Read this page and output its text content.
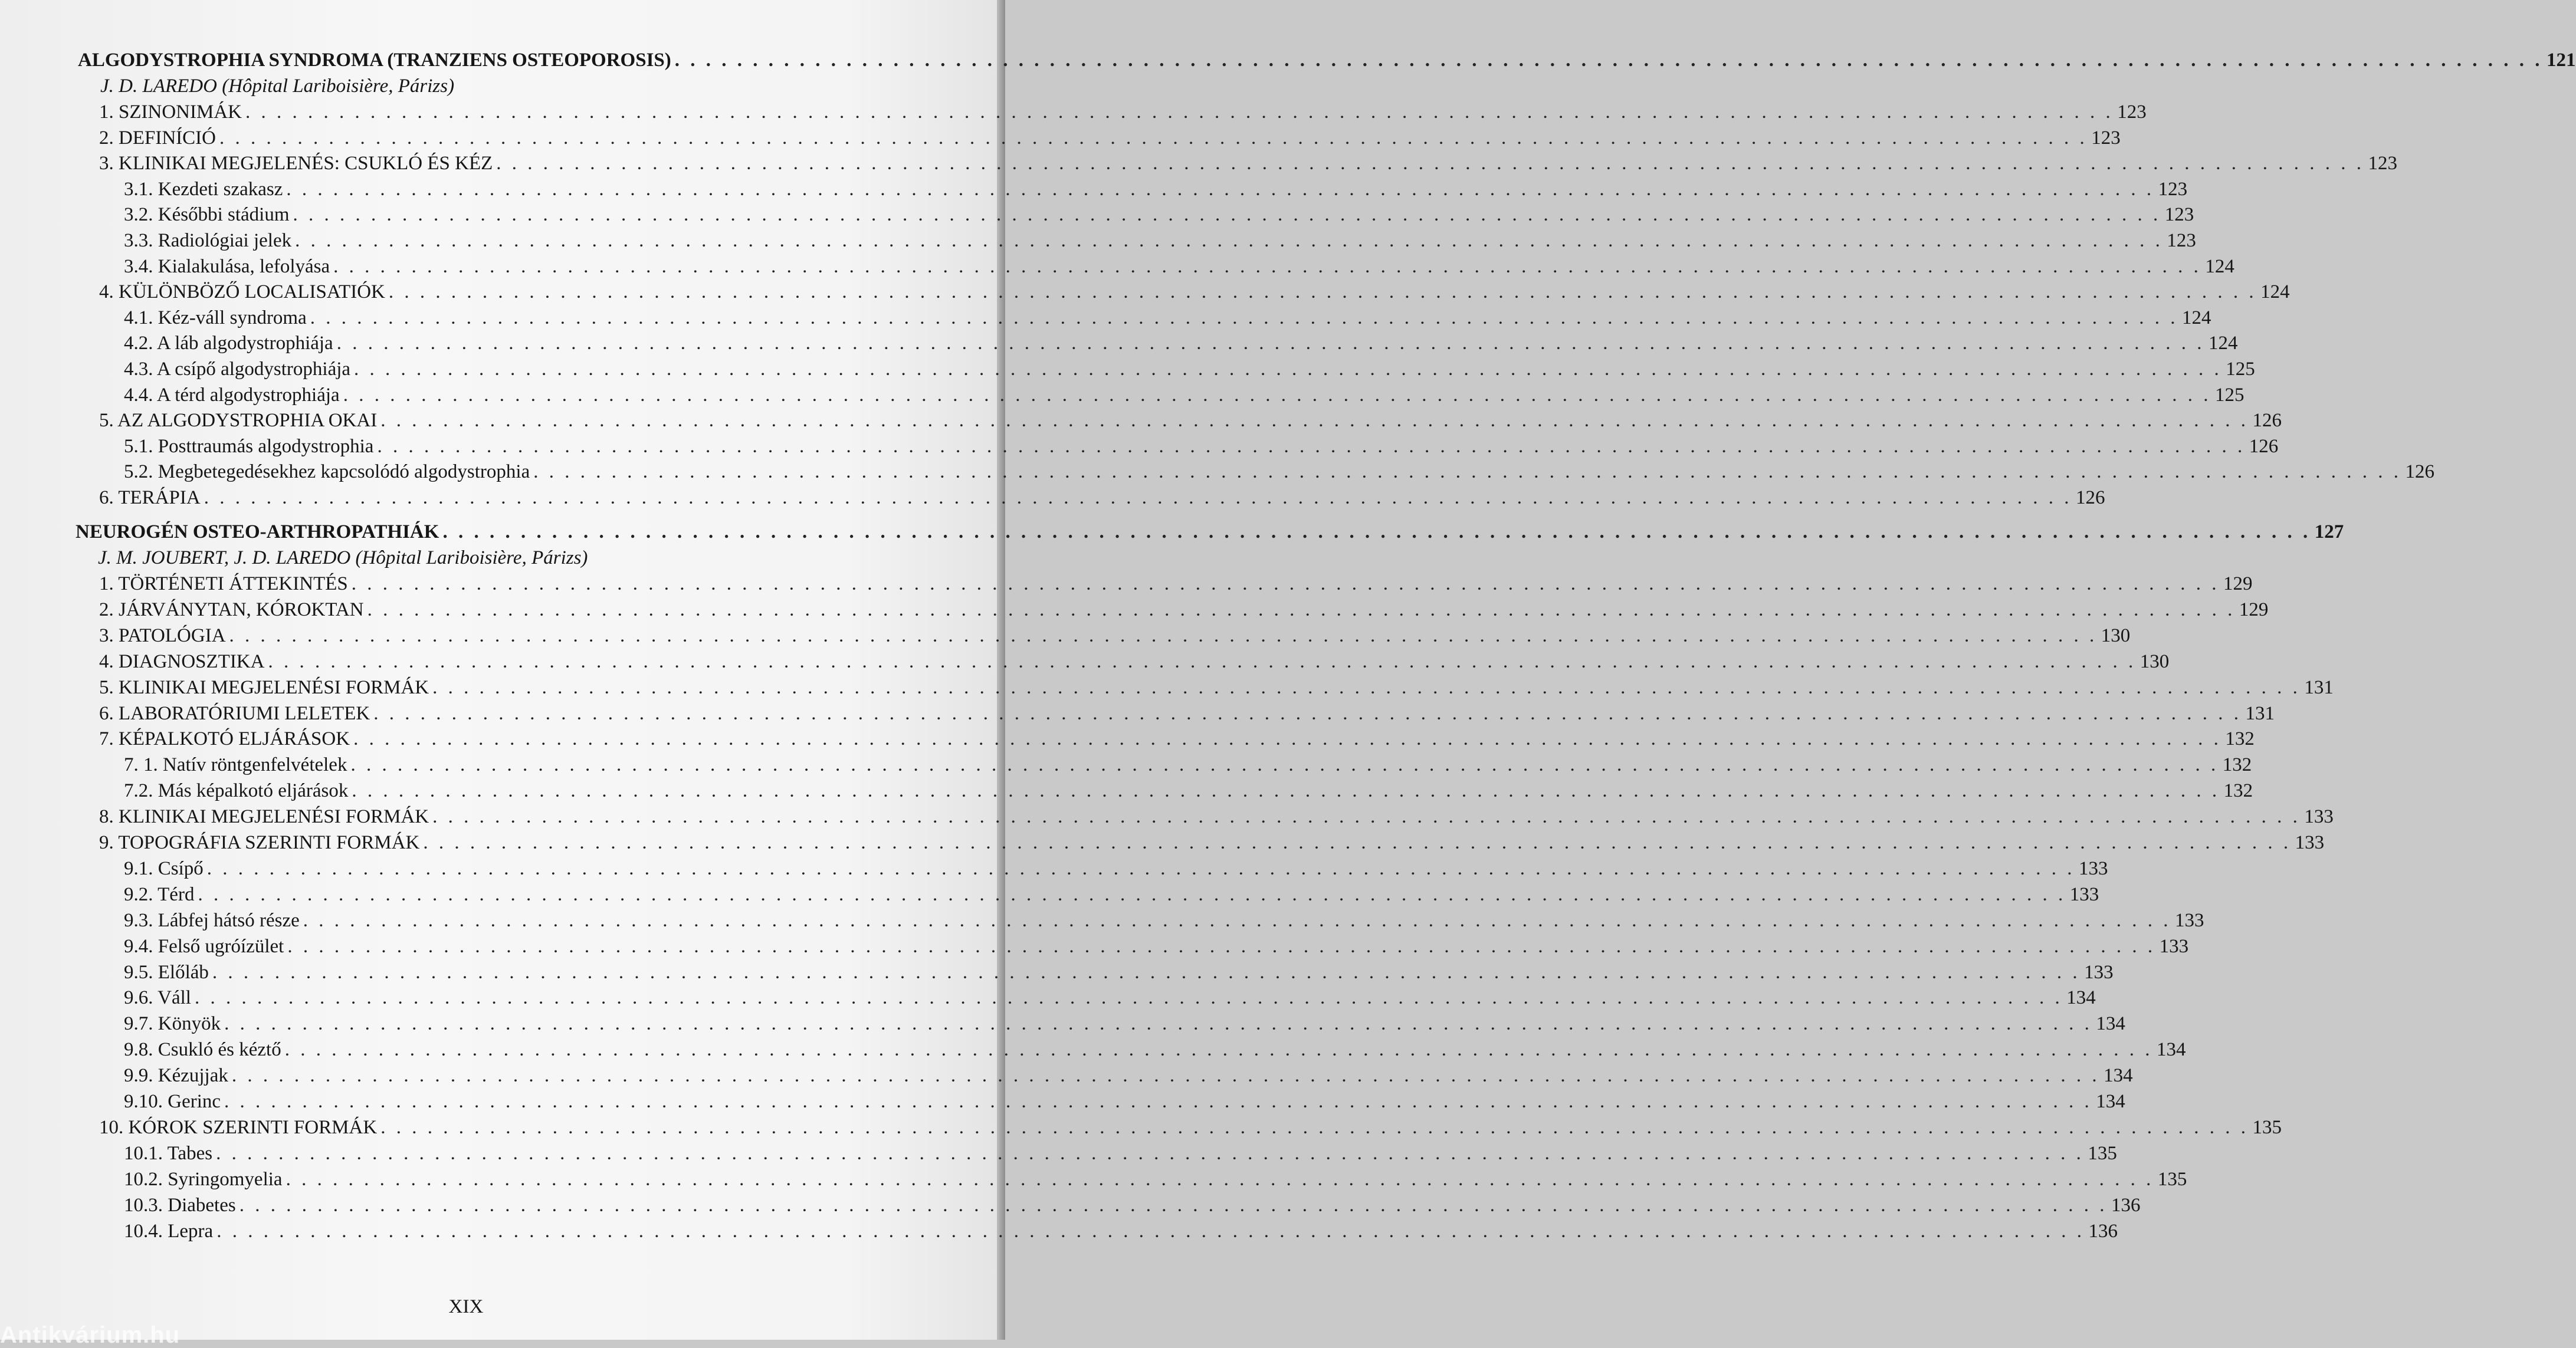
ALGODYSTROPHIA SYNDROMA (TRANZIENS OSTEOPOROSIS) . . . . . . . . . . . . . . . . . . . . . . . . . . . . . . . . . . . . . . . . . . . . . . . . . . . . . . . . . . . . . . . . . . . . . . . . . . . . . . . . . . . . . . . . . . . . . . . . . . . . . . . . . . . . . . . . . . . . . . . . 121
J. D. LAREDO (Hôpital Lariboisière, Párizs)
NEUROGÉN OSTEO-ARTHROPATHIÁK . . . . . . . . . . . . . . . . . . . . . . . . . . . . . . . . . . . . . . . . . . . . . . . . . . . . . . . . . . . . . . . . . . . . . . . . . . . . . . . . . . . . . . . . . . . . . . . . . . . . . . . . . . . . . . . . . . . . . . . . 127
J. M. JOUBERT, J. D. LAREDO (Hôpital Lariboisière, Párizs)
XIX
Antikvárium.hu
1. SZINONIMÁK . . . . . . . . . . . . . . . . . . . . . . . . . . . . . . . . . . . . . . . . . . . . . . . . . . . . . . . . . . . . . . . . . . . . . . . . . . . . . . . . . . . . . . . . . . . . . . . . . . . . . . . . . . . . . . . . . . . . . . . . 123
2. DEFINÍCIÓ . . . . . . . . . . . . . . . . . . . . . . . . . . . . . . . . . . . . . . . . . . . . . . . . . . . . . . . . . . . . . . . . . . . . . . . . . . . . . . . . . . . . . . . . . . . . . . . . . . . . . . . . . . . . . . . . . . . . . . . . 123
3. KLINIKAI MEGJELENÉS: CSUKLÓ ÉS KÉZ . . . . . . . . . . . . . . . . . . . . . . . . . . . . . . . . . . . . . . . . . . . . . . . . . . . . . . . . . . . . . . . . . . . . . . . . . . . . . . . . . . . . . . . . . . . . . . . . . . . . . . . . . . . . . . . . . . . . . . . . 123
3.1. Kezdeti szakasz . . . . . . . . . . . . . . . . . . . . . . . . . . . . . . . . . . . . . . . . . . . . . . . . . . . . . . . . . . . . . . . . . . . . . . . . . . . . . . . . . . . . . . . . . . . . . . . . . . . . . . . . . . . . . . . . . . . . . . . . 123
3.2. Későbbi stádium . . . . . . . . . . . . . . . . . . . . . . . . . . . . . . . . . . . . . . . . . . . . . . . . . . . . . . . . . . . . . . . . . . . . . . . . . . . . . . . . . . . . . . . . . . . . . . . . . . . . . . . . . . . . . . . . . . . . . . . . 123
3.3. Radiológiai jelek . . . . . . . . . . . . . . . . . . . . . . . . . . . . . . . . . . . . . . . . . . . . . . . . . . . . . . . . . . . . . . . . . . . . . . . . . . . . . . . . . . . . . . . . . . . . . . . . . . . . . . . . . . . . . . . . . . . . . . . . 123
3.4. Kialakulása, lefolyása . . . . . . . . . . . . . . . . . . . . . . . . . . . . . . . . . . . . . . . . . . . . . . . . . . . . . . . . . . . . . . . . . . . . . . . . . . . . . . . . . . . . . . . . . . . . . . . . . . . . . . . . . . . . . . . . . . . . . . . . 124
4. KÜLÖNBÖZŐ LOCALISATIÓK . . . . . . . . . . . . . . . . . . . . . . . . . . . . . . . . . . . . . . . . . . . . . . . . . . . . . . . . . . . . . . . . . . . . . . . . . . . . . . . . . . . . . . . . . . . . . . . . . . . . . . . . . . . . . . . . . . . . . . . . 124
4.1. Kéz-váll syndroma . . . . . . . . . . . . . . . . . . . . . . . . . . . . . . . . . . . . . . . . . . . . . . . . . . . . . . . . . . . . . . . . . . . . . . . . . . . . . . . . . . . . . . . . . . . . . . . . . . . . . . . . . . . . . . . . . . . . . . . . 124
4.2. A láb algodystrophiája . . . . . . . . . . . . . . . . . . . . . . . . . . . . . . . . . . . . . . . . . . . . . . . . . . . . . . . . . . . . . . . . . . . . . . . . . . . . . . . . . . . . . . . . . . . . . . . . . . . . . . . . . . . . . . . . . . . . . . . . 124
4.3. A csípő algodystrophiája . . . . . . . . . . . . . . . . . . . . . . . . . . . . . . . . . . . . . . . . . . . . . . . . . . . . . . . . . . . . . . . . . . . . . . . . . . . . . . . . . . . . . . . . . . . . . . . . . . . . . . . . . . . . . . . . . . . . . . . . 125
4.4. A térd algodystrophiája . . . . . . . . . . . . . . . . . . . . . . . . . . . . . . . . . . . . . . . . . . . . . . . . . . . . . . . . . . . . . . . . . . . . . . . . . . . . . . . . . . . . . . . . . . . . . . . . . . . . . . . . . . . . . . . . . . . . . . . . 125
5. AZ ALGODYSTROPHIA OKAI . . . . . . . . . . . . . . . . . . . . . . . . . . . . . . . . . . . . . . . . . . . . . . . . . . . . . . . . . . . . . . . . . . . . . . . . . . . . . . . . . . . . . . . . . . . . . . . . . . . . . . . . . . . . . . . . . . . . . . . . 126
5.1. Posttraumás algodystrophia . . . . . . . . . . . . . . . . . . . . . . . . . . . . . . . . . . . . . . . . . . . . . . . . . . . . . . . . . . . . . . . . . . . . . . . . . . . . . . . . . . . . . . . . . . . . . . . . . . . . . . . . . . . . . . . . . . . . . . . . 126
5.2. Megbetegedésekhez kapcsolódó algodystrophia . . . . . . . . . . . . . . . . . . . . . . . . . . . . . . . . . . . . . . . . . . . . . . . . . . . . . . . . . . . . . . . . . . . . . . . . . . . . . . . . . . . . . . . . . . . . . . . . . . . . . . . . . . . . . . . . . . . . . . . . 126
6. TERÁPIA . . . . . . . . . . . . . . . . . . . . . . . . . . . . . . . . . . . . . . . . . . . . . . . . . . . . . . . . . . . . . . . . . . . . . . . . . . . . . . . . . . . . . . . . . . . . . . . . . . . . . . . . . . . . . . . . . . . . . . . . 126
1. TÖRTÉNETI ÁTTEKINTÉS . . . . . . . . . . . . . . . . . . . . . . . . . . . . . . . . . . . . . . . . . . . . . . . . . . . . . . . . . . . . . . . . . . . . . . . . . . . . . . . . . . . . . . . . . . . . . . . . . . . . . . . . . . . . . . . . . . . . . . . . 129
2. JÁRVÁNYTAN, KÓROKTAN . . . . . . . . . . . . . . . . . . . . . . . . . . . . . . . . . . . . . . . . . . . . . . . . . . . . . . . . . . . . . . . . . . . . . . . . . . . . . . . . . . . . . . . . . . . . . . . . . . . . . . . . . . . . . . . . . . . . . . . . 129
3. PATOLÓGIA . . . . . . . . . . . . . . . . . . . . . . . . . . . . . . . . . . . . . . . . . . . . . . . . . . . . . . . . . . . . . . . . . . . . . . . . . . . . . . . . . . . . . . . . . . . . . . . . . . . . . . . . . . . . . . . . . . . . . . . . 130
4. DIAGNOSZTIKA . . . . . . . . . . . . . . . . . . . . . . . . . . . . . . . . . . . . . . . . . . . . . . . . . . . . . . . . . . . . . . . . . . . . . . . . . . . . . . . . . . . . . . . . . . . . . . . . . . . . . . . . . . . . . . . . . . . . . . . . 130
5. KLINIKAI MEGJELENÉSI FORMÁK . . . . . . . . . . . . . . . . . . . . . . . . . . . . . . . . . . . . . . . . . . . . . . . . . . . . . . . . . . . . . . . . . . . . . . . . . . . . . . . . . . . . . . . . . . . . . . . . . . . . . . . . . . . . . . . . . . . . . . . . 131
6. LABORATÓRIUMI LELETEK . . . . . . . . . . . . . . . . . . . . . . . . . . . . . . . . . . . . . . . . . . . . . . . . . . . . . . . . . . . . . . . . . . . . . . . . . . . . . . . . . . . . . . . . . . . . . . . . . . . . . . . . . . . . . . . . . . . . . . . . 131
7. KÉPALKOTÓ ELJÁRÁSOK . . . . . . . . . . . . . . . . . . . . . . . . . . . . . . . . . . . . . . . . . . . . . . . . . . . . . . . . . . . . . . . . . . . . . . . . . . . . . . . . . . . . . . . . . . . . . . . . . . . . . . . . . . . . . . . . . . . . . . . . 132
7. 1. Natív röntgenfelvételek . . . . . . . . . . . . . . . . . . . . . . . . . . . . . . . . . . . . . . . . . . . . . . . . . . . . . . . . . . . . . . . . . . . . . . . . . . . . . . . . . . . . . . . . . . . . . . . . . . . . . . . . . . . . . . . . . . . . . . . . 132
7.2. Más képalkotó eljárások . . . . . . . . . . . . . . . . . . . . . . . . . . . . . . . . . . . . . . . . . . . . . . . . . . . . . . . . . . . . . . . . . . . . . . . . . . . . . . . . . . . . . . . . . . . . . . . . . . . . . . . . . . . . . . . . . . . . . . . . 132
8. KLINIKAI MEGJELENÉSI FORMÁK . . . . . . . . . . . . . . . . . . . . . . . . . . . . . . . . . . . . . . . . . . . . . . . . . . . . . . . . . . . . . . . . . . . . . . . . . . . . . . . . . . . . . . . . . . . . . . . . . . . . . . . . . . . . . . . . . . . . . . . . 133
9. TOPOGRÁFIA SZERINTI FORMÁK . . . . . . . . . . . . . . . . . . . . . . . . . . . . . . . . . . . . . . . . . . . . . . . . . . . . . . . . . . . . . . . . . . . . . . . . . . . . . . . . . . . . . . . . . . . . . . . . . . . . . . . . . . . . . . . . . . . . . . . . 133
9.1. Csípő . . . . . . . . . . . . . . . . . . . . . . . . . . . . . . . . . . . . . . . . . . . . . . . . . . . . . . . . . . . . . . . . . . . . . . . . . . . . . . . . . . . . . . . . . . . . . . . . . . . . . . . . . . . . . . . . . . . . . . . . 133
9.2. Térd . . . . . . . . . . . . . . . . . . . . . . . . . . . . . . . . . . . . . . . . . . . . . . . . . . . . . . . . . . . . . . . . . . . . . . . . . . . . . . . . . . . . . . . . . . . . . . . . . . . . . . . . . . . . . . . . . . . . . . . . 133
9.3. Lábfej hátsó része . . . . . . . . . . . . . . . . . . . . . . . . . . . . . . . . . . . . . . . . . . . . . . . . . . . . . . . . . . . . . . . . . . . . . . . . . . . . . . . . . . . . . . . . . . . . . . . . . . . . . . . . . . . . . . . . . . . . . . . . 133
9.4. Felső ugróízület . . . . . . . . . . . . . . . . . . . . . . . . . . . . . . . . . . . . . . . . . . . . . . . . . . . . . . . . . . . . . . . . . . . . . . . . . . . . . . . . . . . . . . . . . . . . . . . . . . . . . . . . . . . . . . . . . . . . . . . . 133
9.5. Előláb . . . . . . . . . . . . . . . . . . . . . . . . . . . . . . . . . . . . . . . . . . . . . . . . . . . . . . . . . . . . . . . . . . . . . . . . . . . . . . . . . . . . . . . . . . . . . . . . . . . . . . . . . . . . . . . . . . . . . . . . 133
9.6. Váll . . . . . . . . . . . . . . . . . . . . . . . . . . . . . . . . . . . . . . . . . . . . . . . . . . . . . . . . . . . . . . . . . . . . . . . . . . . . . . . . . . . . . . . . . . . . . . . . . . . . . . . . . . . . . . . . . . . . . . . . 134
9.7. Könyök . . . . . . . . . . . . . . . . . . . . . . . . . . . . . . . . . . . . . . . . . . . . . . . . . . . . . . . . . . . . . . . . . . . . . . . . . . . . . . . . . . . . . . . . . . . . . . . . . . . . . . . . . . . . . . . . . . . . . . . . 134
9.8. Csukló és kéztő . . . . . . . . . . . . . . . . . . . . . . . . . . . . . . . . . . . . . . . . . . . . . . . . . . . . . . . . . . . . . . . . . . . . . . . . . . . . . . . . . . . . . . . . . . . . . . . . . . . . . . . . . . . . . . . . . . . . . . . . 134
9.9. Kézujjak . . . . . . . . . . . . . . . . . . . . . . . . . . . . . . . . . . . . . . . . . . . . . . . . . . . . . . . . . . . . . . . . . . . . . . . . . . . . . . . . . . . . . . . . . . . . . . . . . . . . . . . . . . . . . . . . . . . . . . . . 134
9.10. Gerinc . . . . . . . . . . . . . . . . . . . . . . . . . . . . . . . . . . . . . . . . . . . . . . . . . . . . . . . . . . . . . . . . . . . . . . . . . . . . . . . . . . . . . . . . . . . . . . . . . . . . . . . . . . . . . . . . . . . . . . . . 134
10. KÓROK SZERINTI FORMÁK . . . . . . . . . . . . . . . . . . . . . . . . . . . . . . . . . . . . . . . . . . . . . . . . . . . . . . . . . . . . . . . . . . . . . . . . . . . . . . . . . . . . . . . . . . . . . . . . . . . . . . . . . . . . . . . . . . . . . . . . 135
10.1. Tabes . . . . . . . . . . . . . . . . . . . . . . . . . . . . . . . . . . . . . . . . . . . . . . . . . . . . . . . . . . . . . . . . . . . . . . . . . . . . . . . . . . . . . . . . . . . . . . . . . . . . . . . . . . . . . . . . . . . . . . . . 135
10.2. Syringomyelia . . . . . . . . . . . . . . . . . . . . . . . . . . . . . . . . . . . . . . . . . . . . . . . . . . . . . . . . . . . . . . . . . . . . . . . . . . . . . . . . . . . . . . . . . . . . . . . . . . . . . . . . . . . . . . . . . . . . . . . . 135
10.3. Diabetes . . . . . . . . . . . . . . . . . . . . . . . . . . . . . . . . . . . . . . . . . . . . . . . . . . . . . . . . . . . . . . . . . . . . . . . . . . . . . . . . . . . . . . . . . . . . . . . . . . . . . . . . . . . . . . . . . . . . . . . . 136
10.4. Lepra . . . . . . . . . . . . . . . . . . . . . . . . . . . . . . . . . . . . . . . . . . . . . . . . . . . . . . . . . . . . . . . . . . . . . . . . . . . . . . . . . . . . . . . . . . . . . . . . . . . . . . . . . . . . . . . . . . . . . . . . 136
